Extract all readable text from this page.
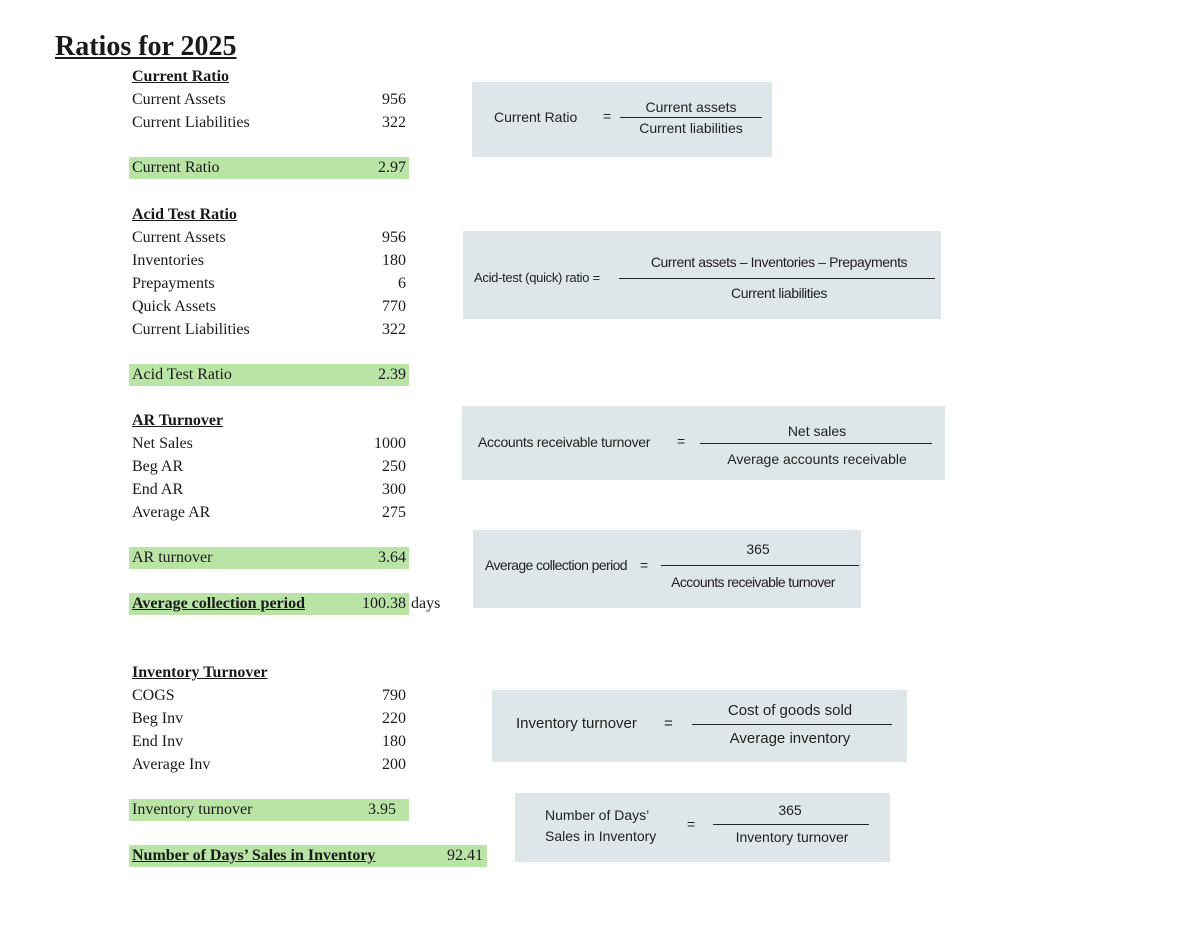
Ratios for 2025
Current Ratio
Current Assets	956
Current Liabilities	322
Current Ratio	2.97
Current Ratio =
Current assets
Current liabilities
Acid Test Ratio
Current Assets	956
Inventories	180
Prepayments	6
Quick Assets	770
Current Liabilities	322
Acid Test Ratio	2.39
Acid-test (quick) ratio =
Current assets – Inventories – Prepayments
Current liabilities
AR Turnover
Net Sales	1000
Beg AR	250
End AR	300
Average AR	275
AR turnover	3.64
Accounts receivable turnover =
Net sales
Average accounts receivable
Average collection period	100.38 days
Average collection period =
365
Accounts receivable turnover
Inventory Turnover
COGS	790
Beg Inv	220
End Inv	180
Average Inv	200
Inventory turnover	3.95
Inventory turnover =
Cost of goods sold
Average inventory
Number of Days’ Sales in Inventory	92.41
Number of Days’
Sales in Inventory
=
365
Inventory turnover
